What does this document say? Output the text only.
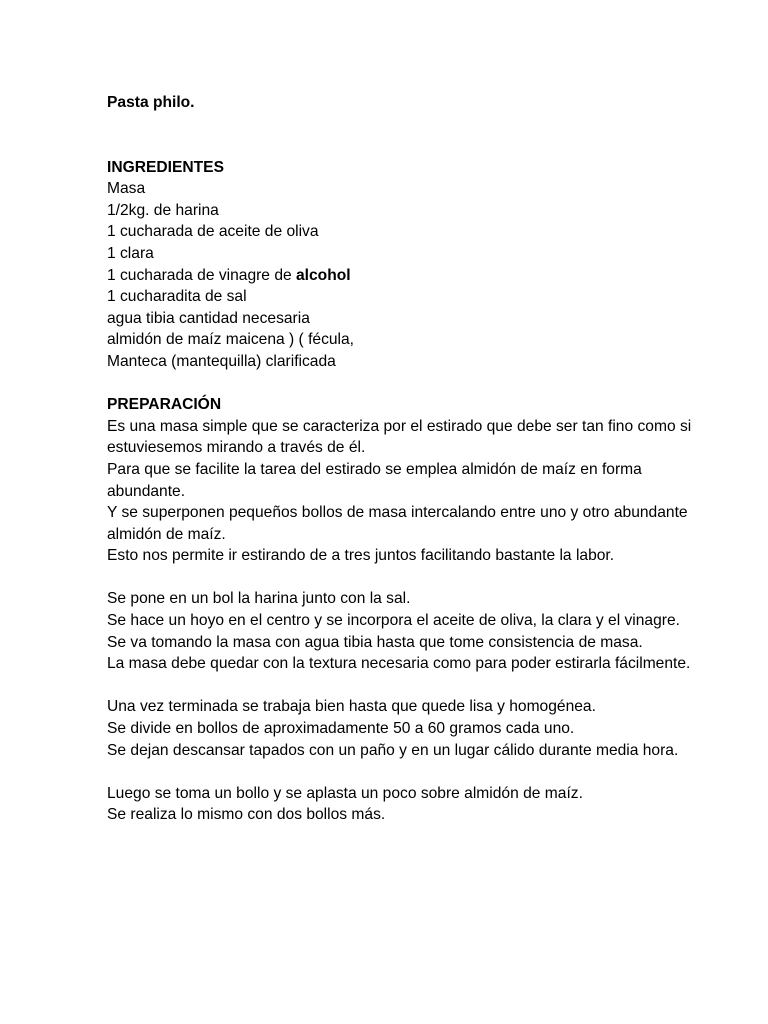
Pasta philo.

INGREDIENTES

Masa

1/2kg. de harina

1 cucharada de aceite de oliva

1 clara

1 cucharada de vinagre de alcohol

1 cucharadita de sal

agua tibia cantidad necesaria

almidón de maíz maicena ) ( fécula,

Manteca (mantequilla) clarificada

PREPARACIÓN

Es una masa simple que se caracteriza por el estirado que debe ser tan fino como si estuviesemos mirando a través de él.

Para que se facilite la tarea del estirado se emplea almidón de maíz en forma abundante.

Y se superponen pequeños bollos de masa intercalando entre uno y otro abundante almidón de maíz.

Esto nos permite ir estirando de a tres juntos facilitando bastante la labor.

Se pone en un bol la harina junto con la sal.

Se hace un hoyo en el centro y se incorpora el aceite de oliva, la clara y el vinagre.

Se va tomando la masa con agua tibia hasta que tome consistencia de masa.

La masa debe quedar con la textura necesaria como para poder estirarla fácilmente.

Una vez terminada se trabaja bien hasta que quede lisa y homogénea.

Se divide en bollos de aproximadamente 50 a 60 gramos cada uno.

Se dejan descansar tapados con un paño y en un lugar cálido durante media hora.

Luego se toma un bollo y se aplasta un poco sobre almidón de maíz.

Se realiza lo mismo con dos bollos más.
